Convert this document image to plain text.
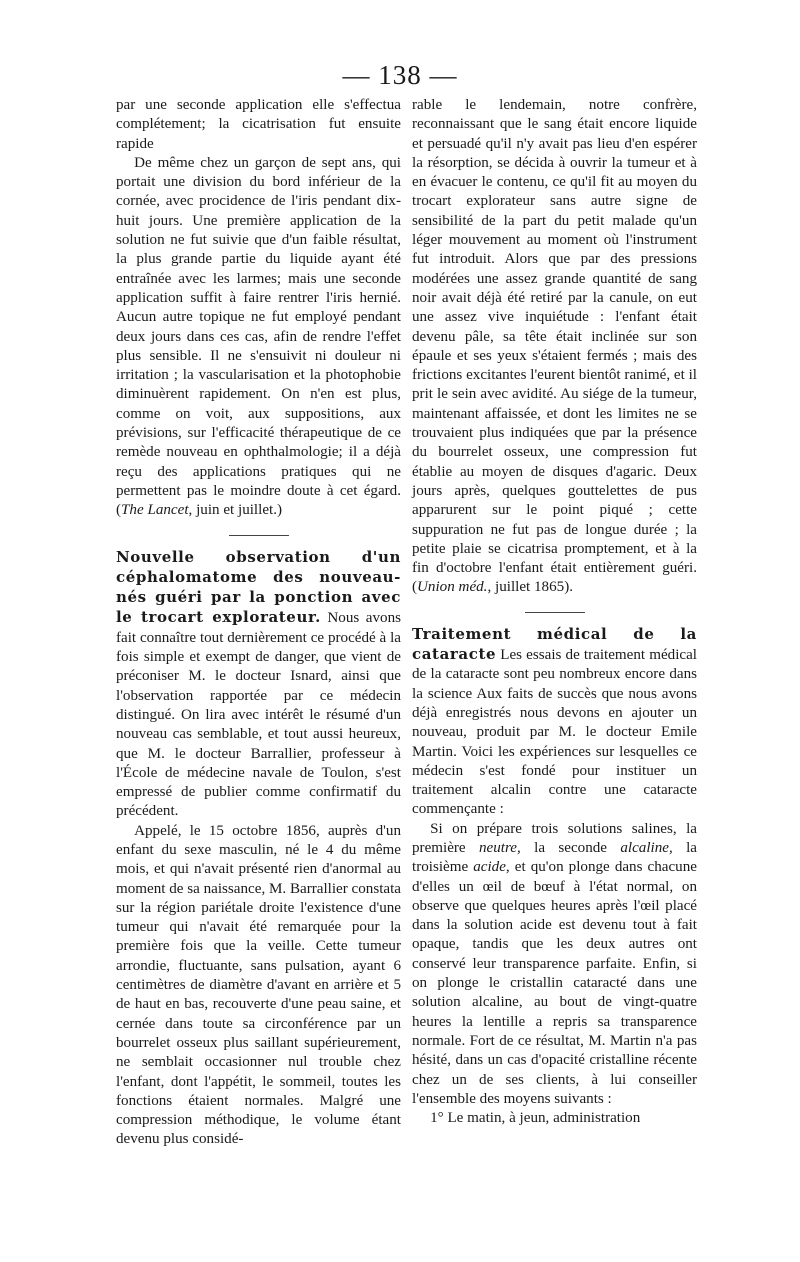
— 138 —

par une seconde application elle s'effectua complétement; la cicatrisation fut ensuite rapide

De même chez un garçon de sept ans, qui portait une division du bord inférieur de la cornée, avec procidence de l'iris pendant dix-huit jours. Une première application de la solution ne fut suivie que d'un faible résultat, la plus grande partie du liquide ayant été entraînée avec les larmes; mais une seconde application suffit à faire rentrer l'iris hernié. Aucun autre topique ne fut employé pendant deux jours dans ces cas, afin de rendre l'effet plus sensible. Il ne s'ensuivit ni douleur ni irritation ; la vascularisation et la photophobie diminuèrent rapidement. On n'en est plus, comme on voit, aux suppositions, aux prévisions, sur l'efficacité thérapeutique de ce remède nouveau en ophthalmologie; il a déjà reçu des applications pratiques qui ne permettent pas le moindre doute à cet égard. (The Lancet, juin et juillet.)

Nouvelle observation d'un céphalomatome des nouveau-nés guéri par la ponction avec le trocart explorateur. Nous avons fait connaître tout dernièrement ce procédé à la fois simple et exempt de danger, que vient de préconiser M. le docteur Isnard, ainsi que l'observation rapportée par ce médecin distingué. On lira avec intérêt le résumé d'un nouveau cas semblable, et tout aussi heureux, que M. le docteur Barrallier, professeur à l'École de médecine navale de Toulon, s'est empressé de publier comme confirmatif du précédent.

Appelé, le 15 octobre 1856, auprès d'un enfant du sexe masculin, né le 4 du même mois, et qui n'avait présenté rien d'anormal au moment de sa naissance, M. Barrallier constata sur la région pariétale droite l'existence d'une tumeur qui n'avait été remarquée pour la première fois que la veille. Cette tumeur arrondie, fluctuante, sans pulsation, ayant 6 centimètres de diamètre d'avant en arrière et 5 de haut en bas, recouverte d'une peau saine, et cernée dans toute sa circonférence par un bourrelet osseux plus saillant supérieurement, ne semblait occasionner nul trouble chez l'enfant, dont l'appétit, le sommeil, toutes les fonctions étaient normales. Malgré une compression méthodique, le volume étant devenu plus considé-

rable le lendemain, notre confrère, reconnaissant que le sang était encore liquide et persuadé qu'il n'y avait pas lieu d'en espérer la résorption, se décida à ouvrir la tumeur et à en évacuer le contenu, ce qu'il fit au moyen du trocart explorateur sans autre signe de sensibilité de la part du petit malade qu'un léger mouvement au moment où l'instrument fut introduit. Alors que par des pressions modérées une assez grande quantité de sang noir avait déjà été retiré par la canule, on eut une assez vive inquiétude : l'enfant était devenu pâle, sa tête était inclinée sur son épaule et ses yeux s'étaient fermés ; mais des frictions excitantes l'eurent bientôt ranimé, et il prit le sein avec avidité. Au siége de la tumeur, maintenant affaissée, et dont les limites ne se trouvaient plus indiquées que par la présence du bourrelet osseux, une compression fut établie au moyen de disques d'agaric. Deux jours après, quelques gouttelettes de pus apparurent sur le point piqué ; cette suppuration ne fut pas de longue durée ; la petite plaie se cicatrisa promptement, et à la fin d'octobre l'enfant était entièrement guéri. (Union méd., juillet 1865).

Traitement médical de la cataracte Les essais de traitement médical de la cataracte sont peu nombreux encore dans la science Aux faits de succès que nous avons déjà enregistrés nous devons en ajouter un nouveau, produit par M. le docteur Emile Martin. Voici les expériences sur lesquelles ce médecin s'est fondé pour instituer un traitement alcalin contre une cataracte commençante :

Si on prépare trois solutions salines, la première neutre, la seconde alcaline, la troisième acide, et qu'on plonge dans chacune d'elles un œil de bœuf à l'état normal, on observe que quelques heures après l'œil placé dans la solution acide est devenu tout à fait opaque, tandis que les deux autres ont conservé leur transparence parfaite. Enfin, si on plonge le cristallin cataracté dans une solution alcaline, au bout de vingt-quatre heures la lentille a repris sa transparence normale. Fort de ce résultat, M. Martin n'a pas hésité, dans un cas d'opacité cristalline récente chez un de ses clients, à lui conseiller l'ensemble des moyens suivants :

1° Le matin, à jeun, administration
